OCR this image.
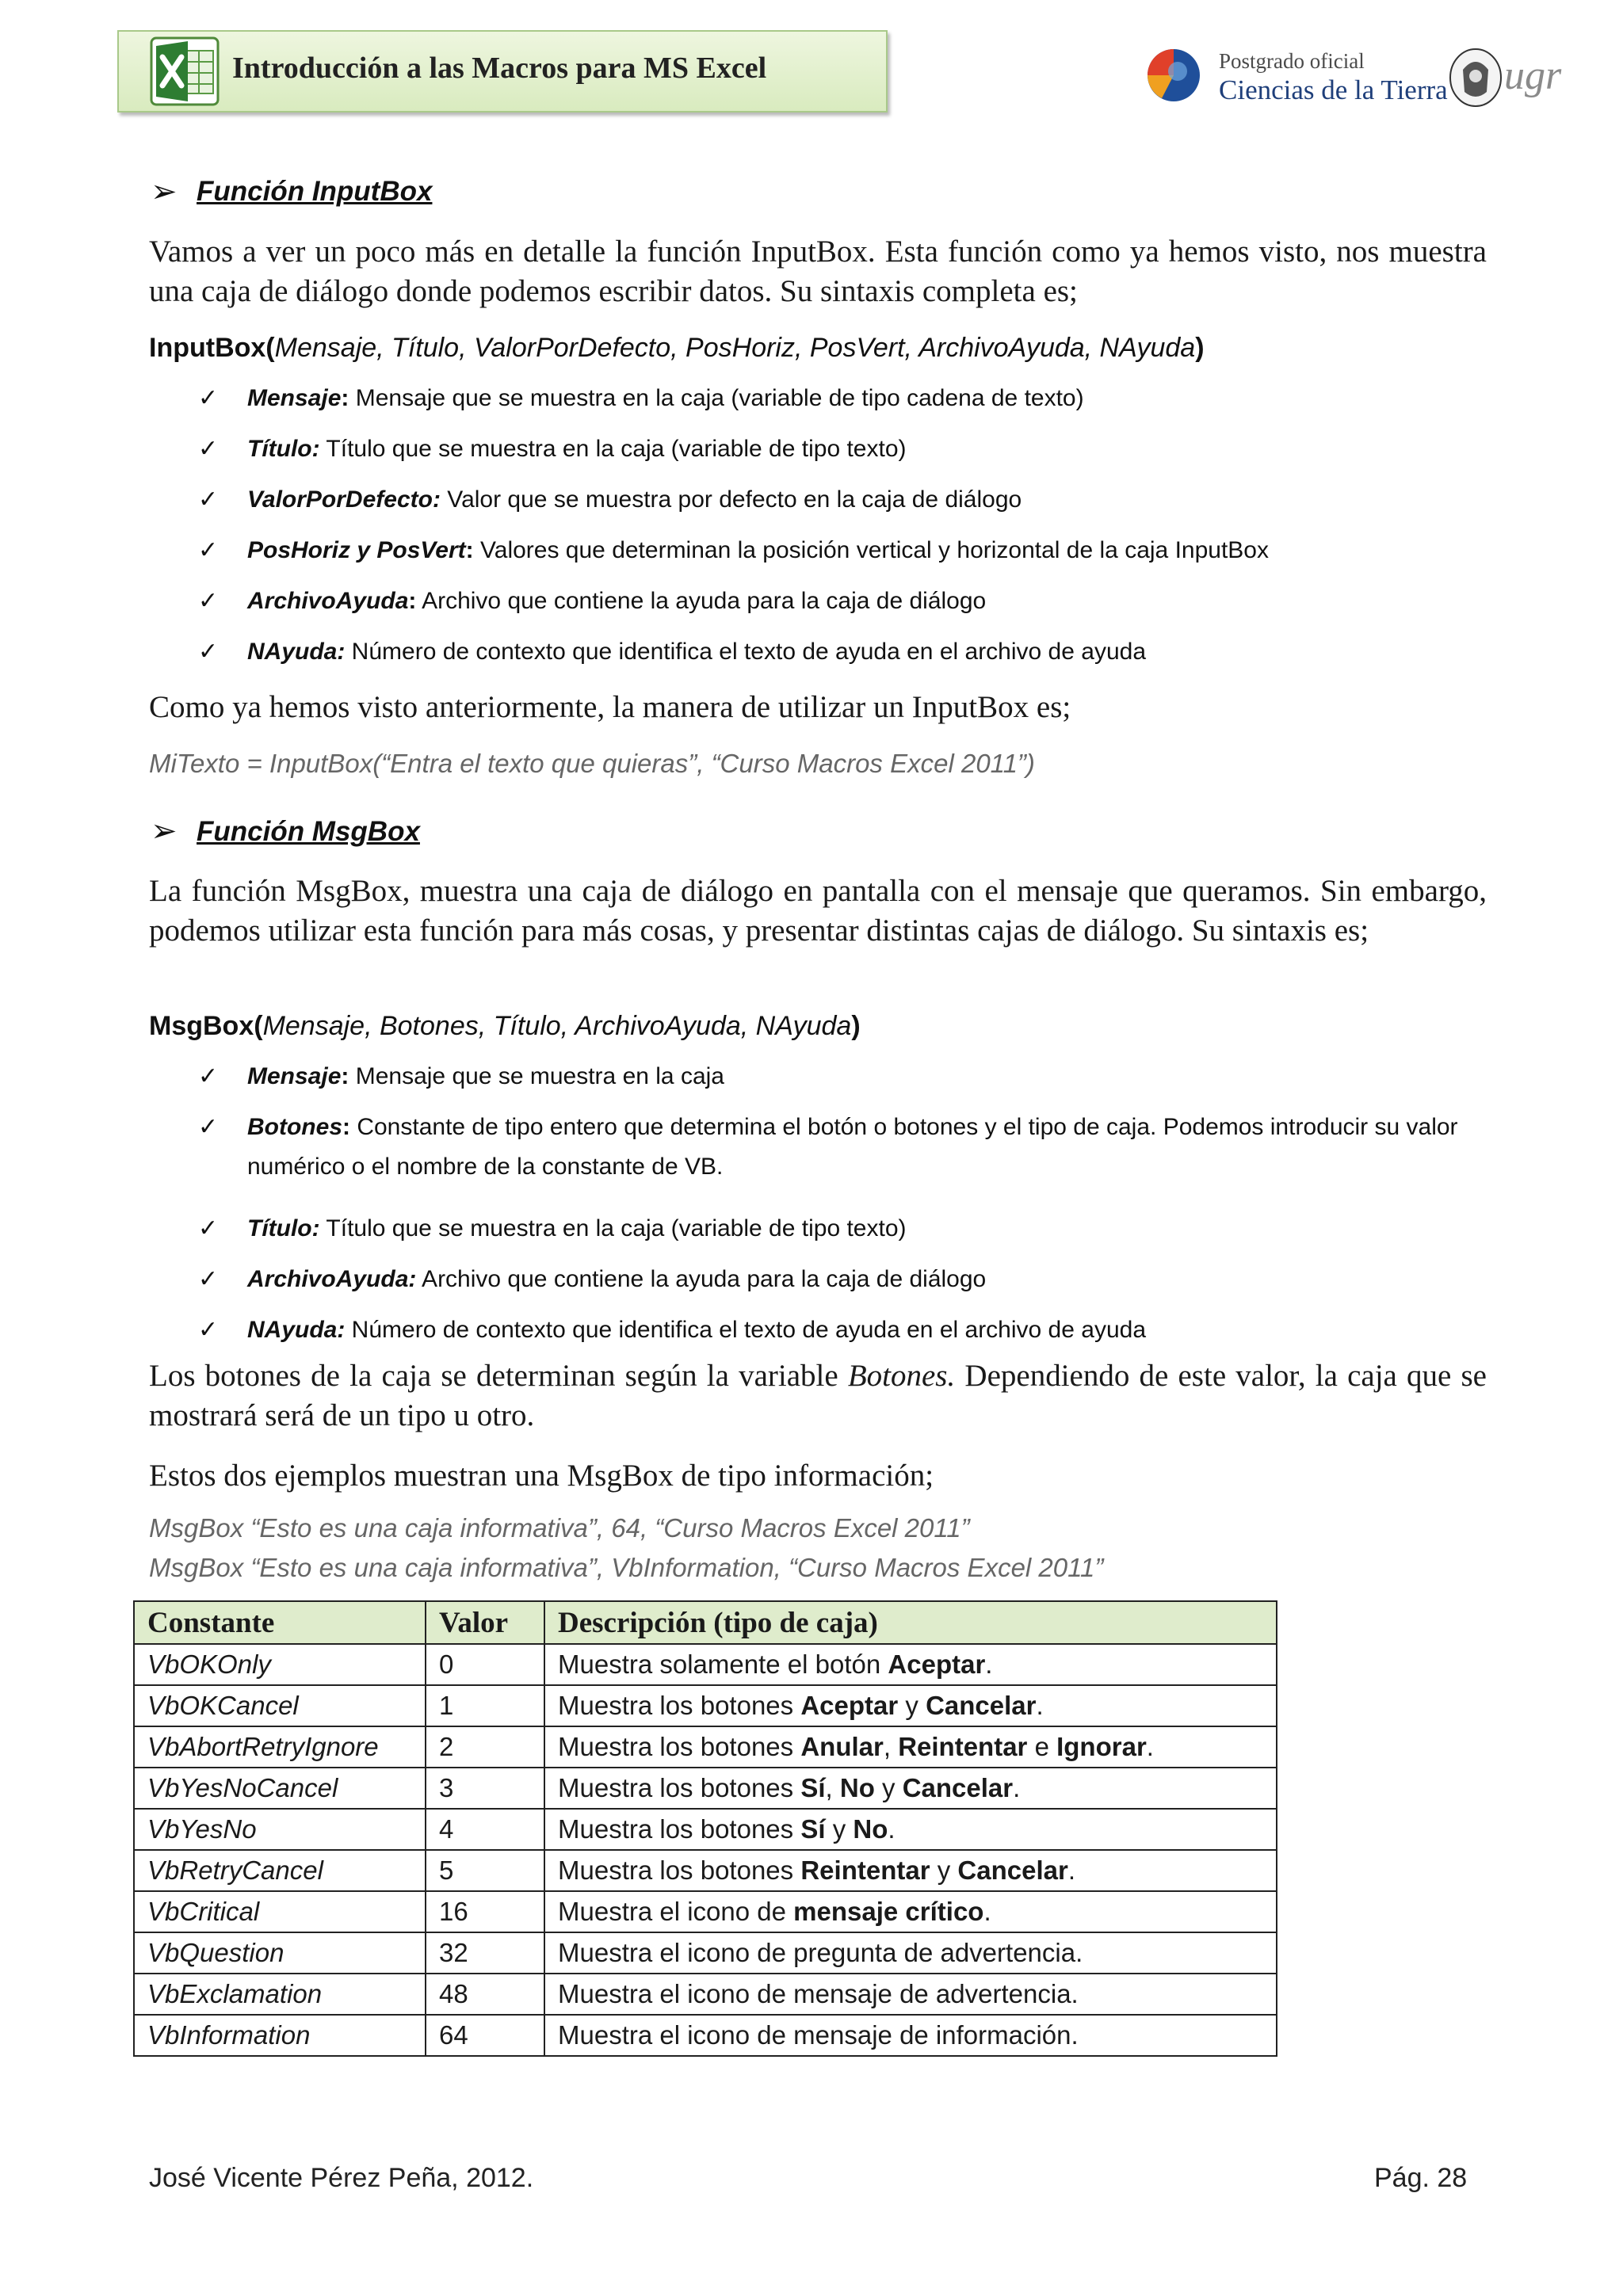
Introducción a las Macros para MS Excel	Postgrado oficial
Ciencias de la Tierra ugr
➢ Función InputBox
Vamos a ver un poco más en detalle la función InputBox. Esta función como ya hemos visto, nos muestra una caja de diálogo donde podemos escribir datos. Su sintaxis completa es;
InputBox(Mensaje, Título, ValorPorDefecto, PosHoriz, PosVert, ArchivoAyuda, NAyuda)
✓ Mensaje: Mensaje que se muestra en la caja (variable de tipo cadena de texto)
✓ Título: Título que se muestra en la caja (variable de tipo texto)
✓ ValorPorDefecto: Valor que se muestra por defecto en la caja de diálogo
✓ PosHoriz y PosVert: Valores que determinan la posición vertical y horizontal de la caja InputBox
✓ ArchivoAyuda: Archivo que contiene la ayuda para la caja de diálogo
✓ NAyuda: Número de contexto que identifica el texto de ayuda en el archivo de ayuda
Como ya hemos visto anteriormente, la manera de utilizar un InputBox es;
MiTexto = InputBox(“Entra el texto que quieras”, “Curso Macros Excel 2011”)
➢ Función MsgBox
La función MsgBox, muestra una caja de diálogo en pantalla con el mensaje que queramos. Sin embargo, podemos utilizar esta función para más cosas, y presentar distintas cajas de diálogo. Su sintaxis es;
MsgBox(Mensaje, Botones, Título, ArchivoAyuda, NAyuda)
✓ Mensaje: Mensaje que se muestra en la caja
✓ Botones: Constante de tipo entero que determina el botón o botones y el tipo de caja. Podemos introducir su valor numérico o el nombre de la constante de VB.
✓ Título: Título que se muestra en la caja (variable de tipo texto)
✓ ArchivoAyuda: Archivo que contiene la ayuda para la caja de diálogo
✓ NAyuda: Número de contexto que identifica el texto de ayuda en el archivo de ayuda
Los botones de la caja se determinan según la variable Botones. Dependiendo de este valor, la caja que se mostrará será de un tipo u otro.
Estos dos ejemplos muestran una MsgBox de tipo información;
MsgBox “Esto es una caja informativa”, 64, “Curso Macros Excel 2011”
MsgBox “Esto es una caja informativa”, VbInformation, “Curso Macros Excel 2011”
Constante	Valor	Descripción (tipo de caja)
VbOKOnly	0	Muestra solamente el botón Aceptar.
VbOKCancel	1	Muestra los botones Aceptar y Cancelar.
VbAbortRetryIgnore	2	Muestra los botones Anular, Reintentar e Ignorar.
VbYesNoCancel	3	Muestra los botones Sí, No y Cancelar.
VbYesNo	4	Muestra los botones Sí y No.
VbRetryCancel	5	Muestra los botones Reintentar y Cancelar.
VbCritical	16	Muestra el icono de mensaje crítico.
VbQuestion	32	Muestra el icono de pregunta de advertencia.
VbExclamation	48	Muestra el icono de mensaje de advertencia.
VbInformation	64	Muestra el icono de mensaje de información.
José Vicente Pérez Peña, 2012.	Pág. 28
